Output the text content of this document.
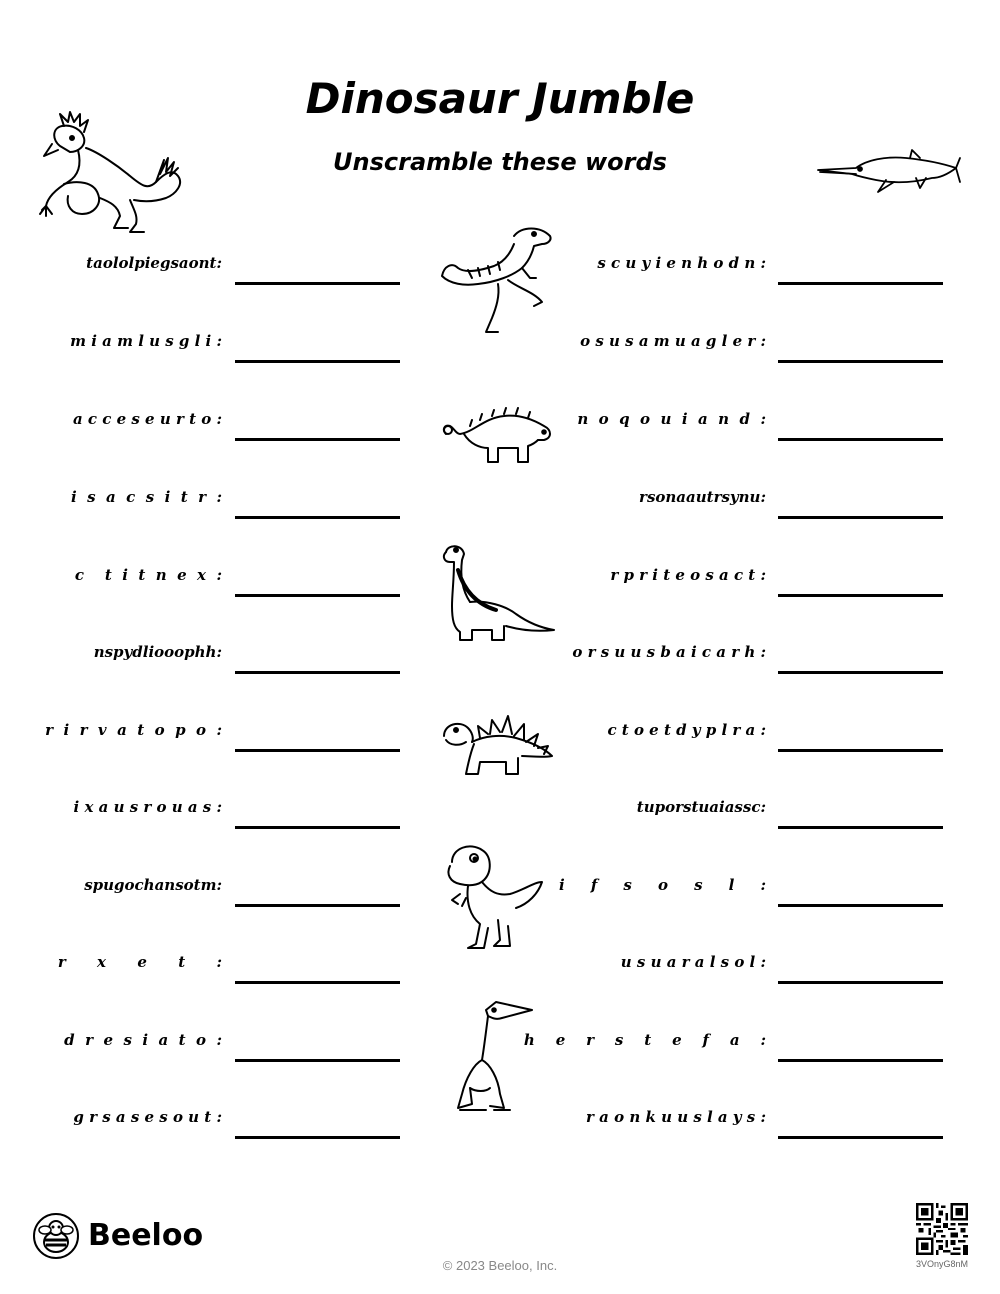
Dinosaur Jumble
Unscramble these words
taololpiegsaont:
m i a m l u s g l i :
a c c e s e u r t o :
i  s  a  c  s  i  t  r  :
c    t  i  t  n  e  x  :
nspydliooophh:
r  i  r  v  a  t  o  p  o  :
i x a u s r o u a s :
spugochansotm:
r      x      e      t      :
d  r  e  s  i  a  t  o  :
g r s a s e s o u t :
s c u y i e n h o d n :
o s u s a m u a g l e r :
n  o  q  o  u  i  a  n  d  :
rsonaautrsynu:
r p r i t e o s a c t :
o r s u u s b a i c a r h :
c t o e t d y p l r a :
tuporstuaiassc:
i     f     s     o     s     l     :
u s u a r a l s o l :
h    e    r    s    t    e    f    a    :
r a o n k u u s l a y s :
Beeloo
© 2023 Beeloo, Inc.	3VOnyG8nM
